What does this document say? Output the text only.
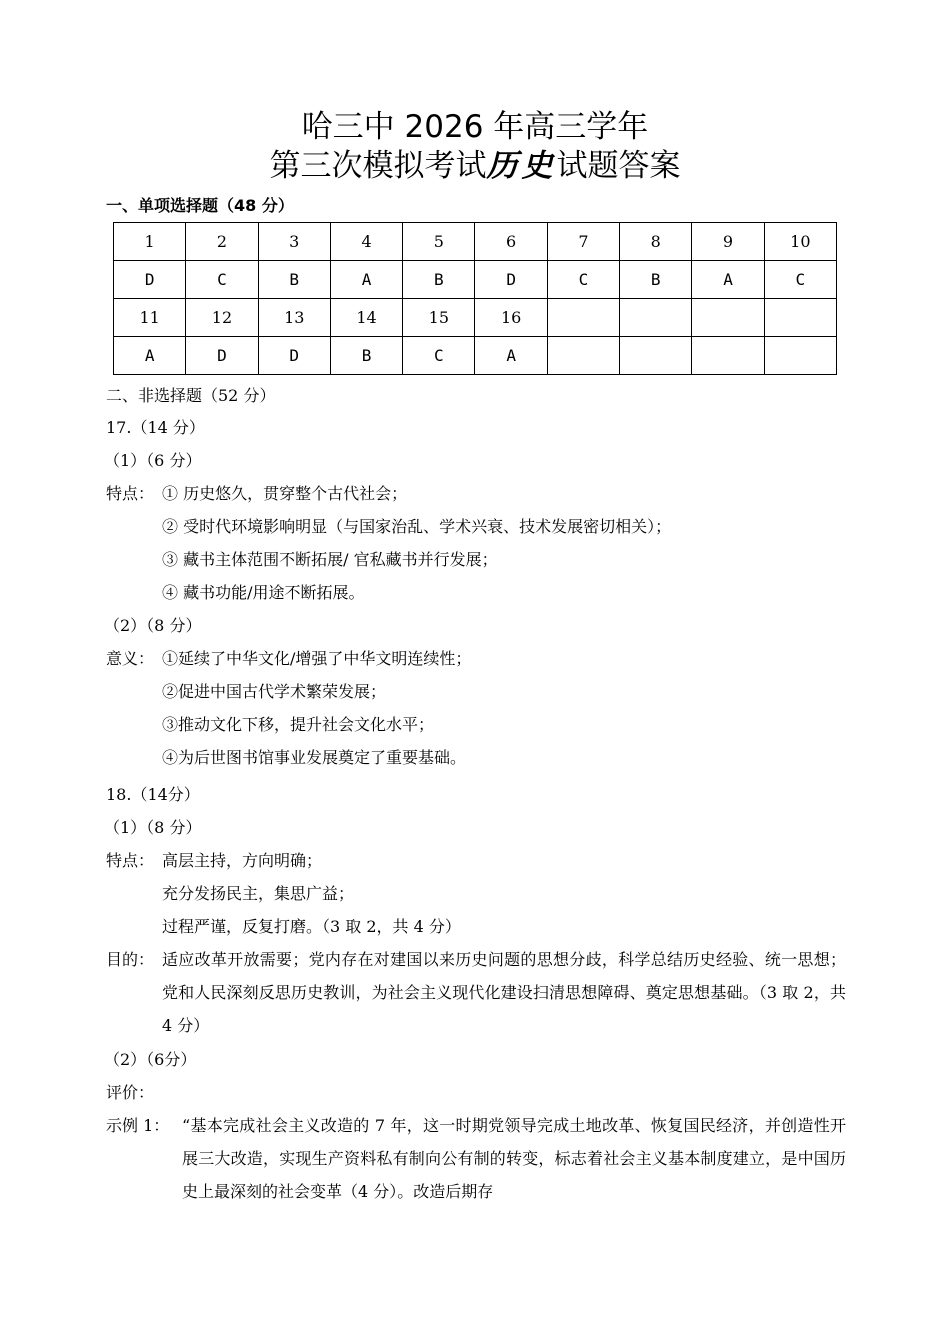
哈三中 2026 年高三学年
第三次模拟考试历史试题答案
一、单项选择题（48 分）
1	2	3	4	5	6	7	8	9	10
D	C	B	A	B	D	C	B	A	C
11	12	13	14	15	16				
A	D	D	B	C	A				
二、非选择题（52 分）
17.（14 分）
（1）（6 分）
特点： ① 历史悠久，贯穿整个古代社会；
② 受时代环境影响明显（与国家治乱、学术兴衰、技术发展密切相关）；
③ 藏书主体范围不断拓展/ 官私藏书并行发展；
④ 藏书功能/用途不断拓展。
（2）（8 分）
意义： ①延续了中华文化/增强了中华文明连续性；
②促进中国古代学术繁荣发展；
③推动文化下移，提升社会文化水平；
④为后世图书馆事业发展奠定了重要基础。
18.（14分）
（1）（8 分）
特点： 高层主持，方向明确；
充分发扬民主，集思广益；
过程严谨，反复打磨。（3 取 2，共 4 分）
目的： 适应改革开放需要；党内存在对建国以来历史问题的思想分歧，科学总结历史经验、统一思想；党和人民深刻反思历史教训，为社会主义现代化建设扫清思想障碍、奠定思想基础。（3 取 2，共 4 分）
（2）（6分）
评价：
示例 1： “基本完成社会主义改造的 7 年，这一时期党领导完成土地改革、恢复国民经济，并创造性开展三大改造，实现生产资料私有制向公有制的转变，标志着社会主义基本制度建立，是中国历史上最深刻的社会变革（4 分）。改造后期存
